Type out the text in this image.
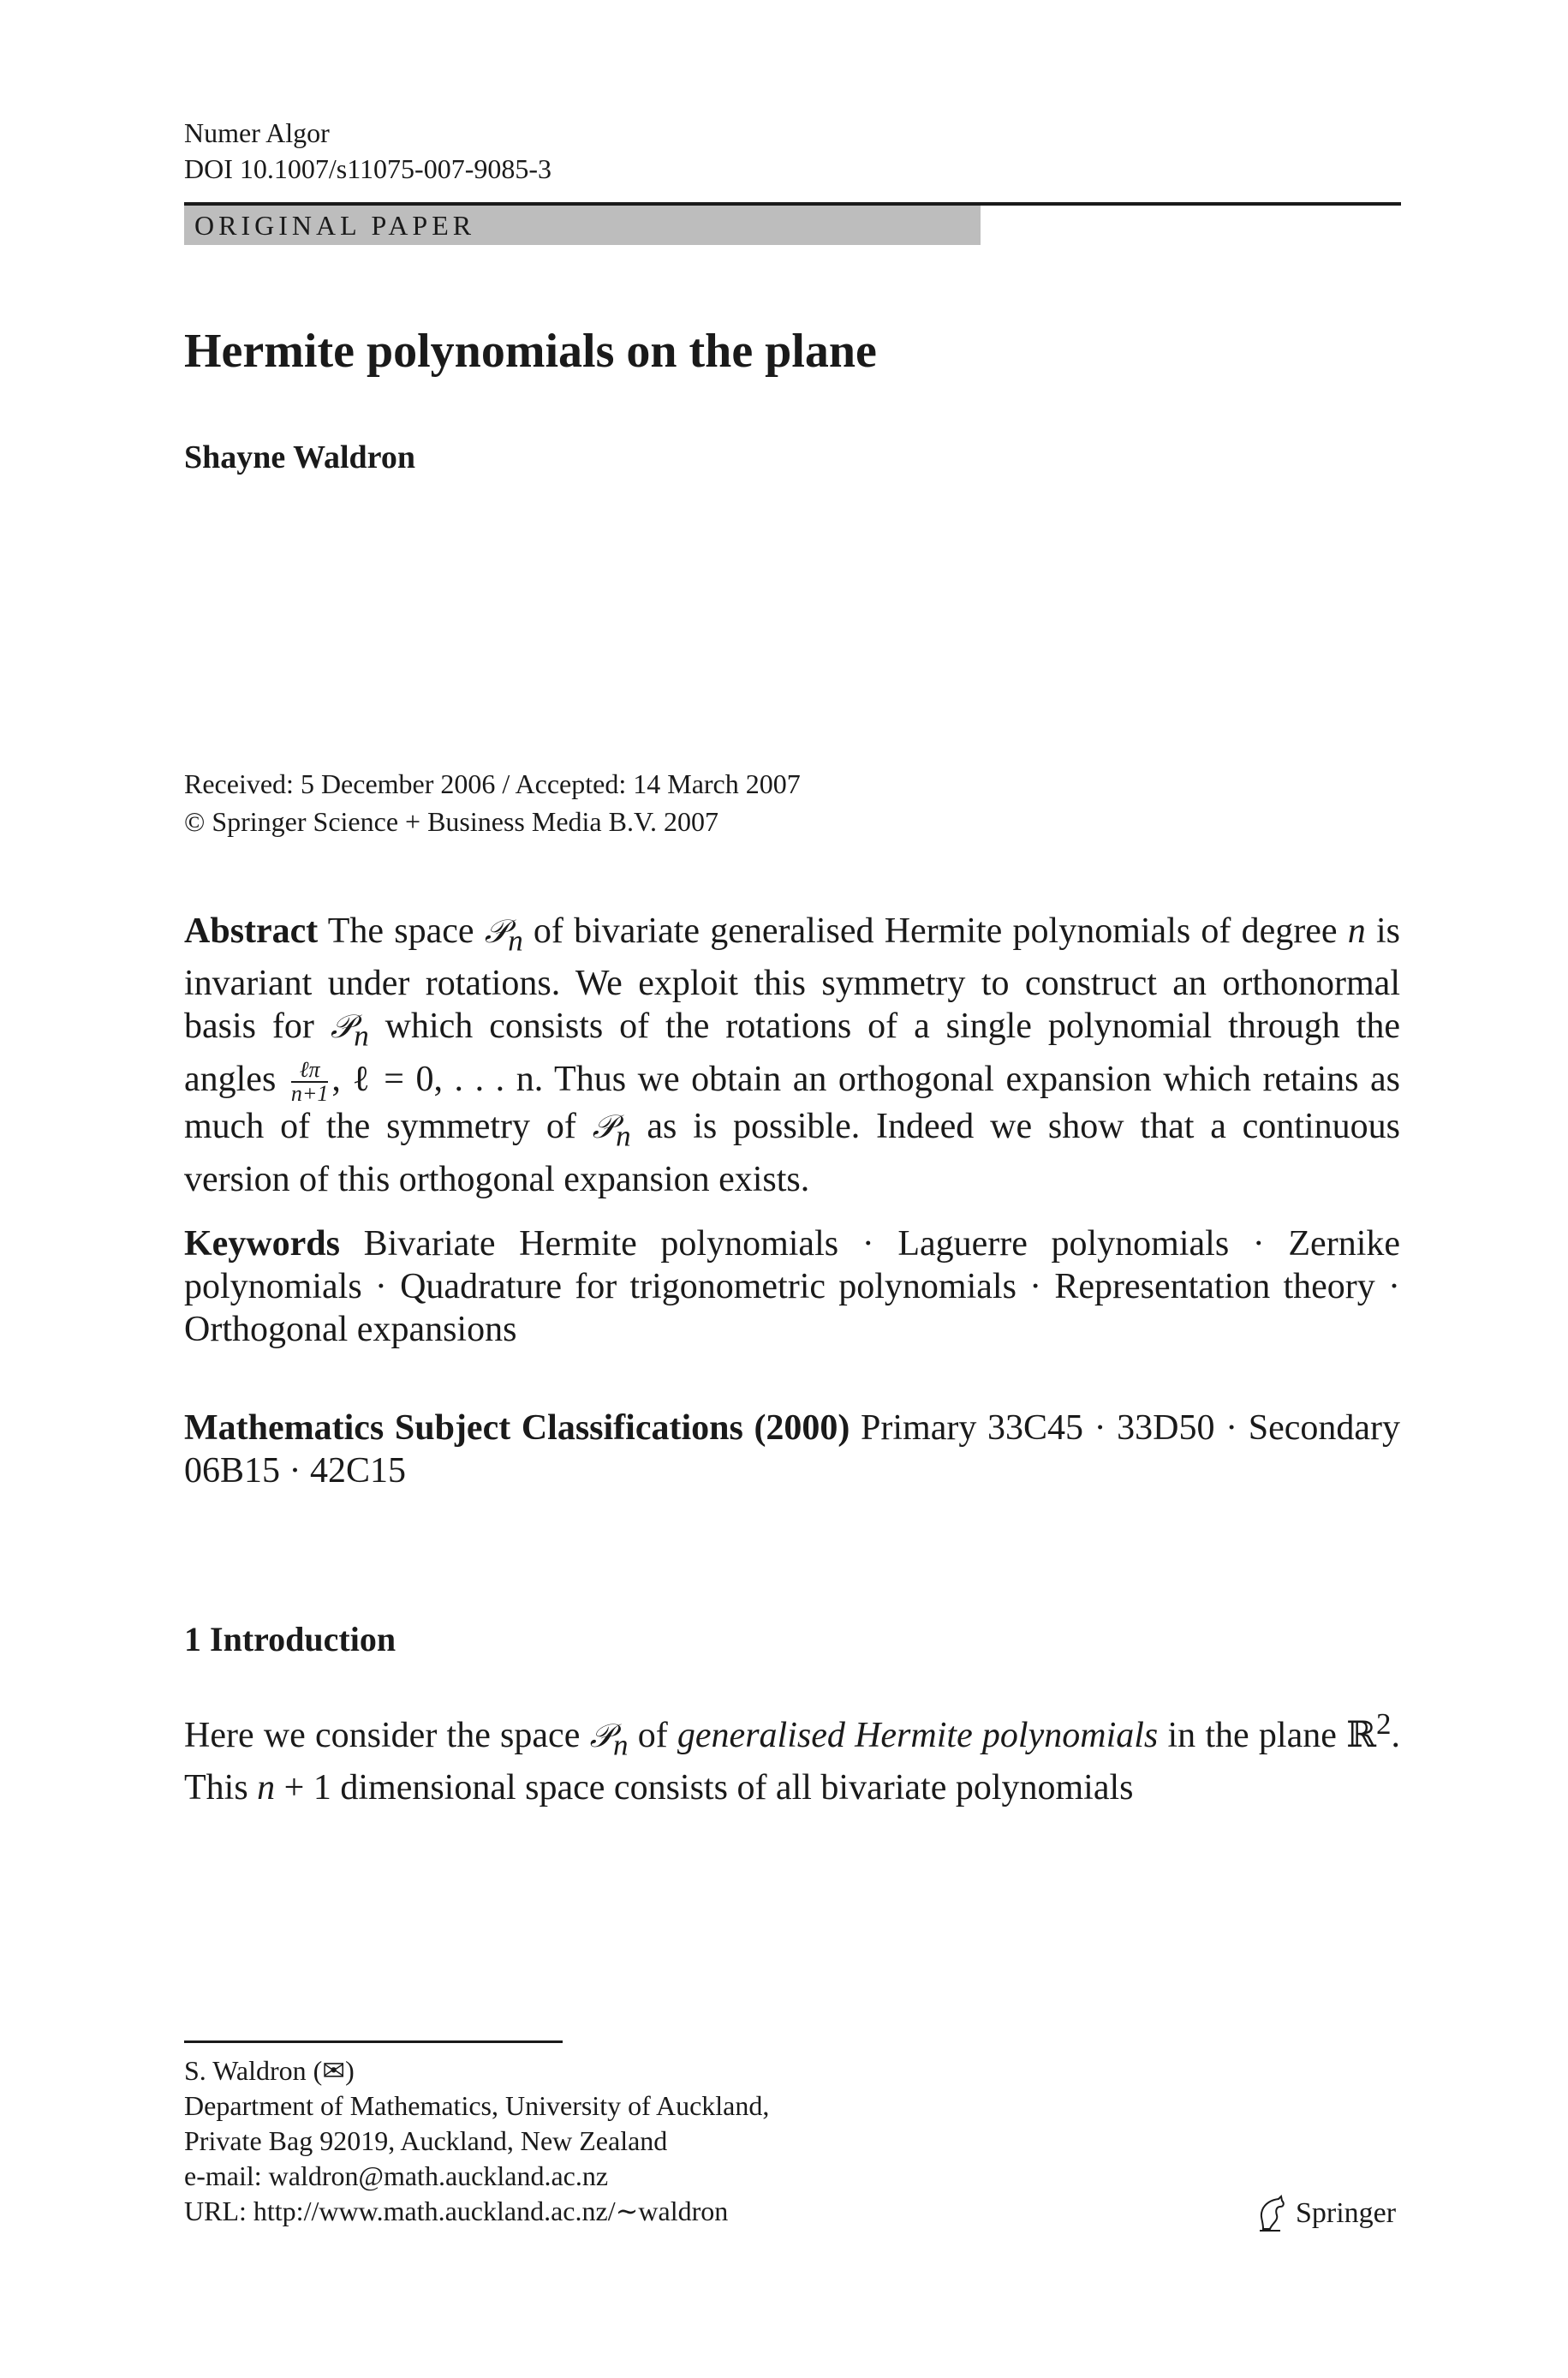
Numer Algor
DOI 10.1007/s11075-007-9085-3
ORIGINAL PAPER
Hermite polynomials on the plane
Shayne Waldron
Received: 5 December 2006 / Accepted: 14 March 2007
© Springer Science + Business Media B.V. 2007
Abstract The space 𝒫$_n$ of bivariate generalised Hermite polynomials of degree n is invariant under rotations. We exploit this symmetry to construct an orthonormal basis for 𝒫$_n$ which consists of the rotations of a single polynomial through the angles $\frac{\text{ℓπ}}{n+1}$ , ℓ = 0, . . . n. Thus we obtain an orthogonal expansion which retains as much of the symmetry of 𝒫$_n$ as is possible. Indeed we show that a continuous version of this orthogonal expansion exists.
Keywords Bivariate Hermite polynomials · Laguerre polynomials · Zernike polynomials · Quadrature for trigonometric polynomials · Representation theory · Orthogonal expansions
Mathematics Subject Classifications (2000) Primary 33C45 · 33D50 · Secondary 06B15 · 42C15
1 Introduction
Here we consider the space 𝒫$_n$ of generalised Hermite polynomials in the plane ℝ$^2$. This n + 1 dimensional space consists of all bivariate polynomials
S. Waldron (✉)
Department of Mathematics, University of Auckland,
Private Bag 92019, Auckland, New Zealand
e-mail: waldron@math.auckland.ac.nz
URL: http://www.math.auckland.ac.nz/∼waldron	Springer
